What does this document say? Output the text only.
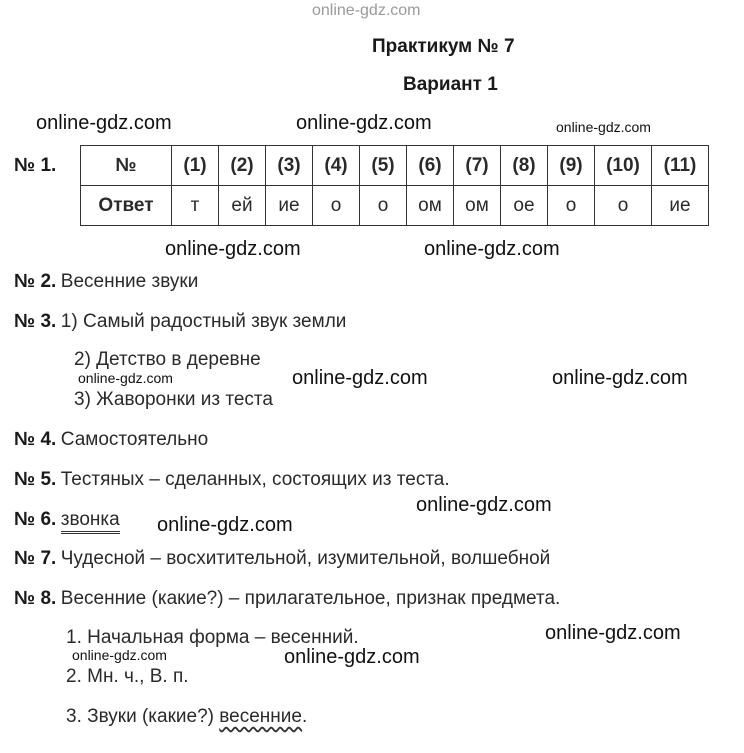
online-gdz.com
Практикум № 7
Вариант 1
online-gdz.com	online-gdz.com	online-gdz.com
№ 1.	№	(1)	(2)	(3)	(4)	(5)	(6)	(7)	(8)	(9)	(10)	(11)
Ответ	т	ей	ие	о	о	ом	ом	ое	о	о	ие
online-gdz.com	online-gdz.com
№ 2. Весенние звуки
№ 3. 1) Самый радостный звук земли
2) Детство в деревне
online-gdz.com	online-gdz.com	online-gdz.com
3) Жаворонки из теста
№ 4. Самостоятельно
№ 5. Тестяных – сделанных, состоящих из теста.
online-gdz.com
№ 6. звонка online-gdz.com
№ 7. Чудесной – восхитительной, изумительной, волшебной
№ 8. Весенние (какие?) – прилагательное, признак предмета.
1. Начальная форма – весенний.	online-gdz.com
online-gdz.com	online-gdz.com
2. Мн. ч., В. п.
3. Звуки (какие?) весенние.
